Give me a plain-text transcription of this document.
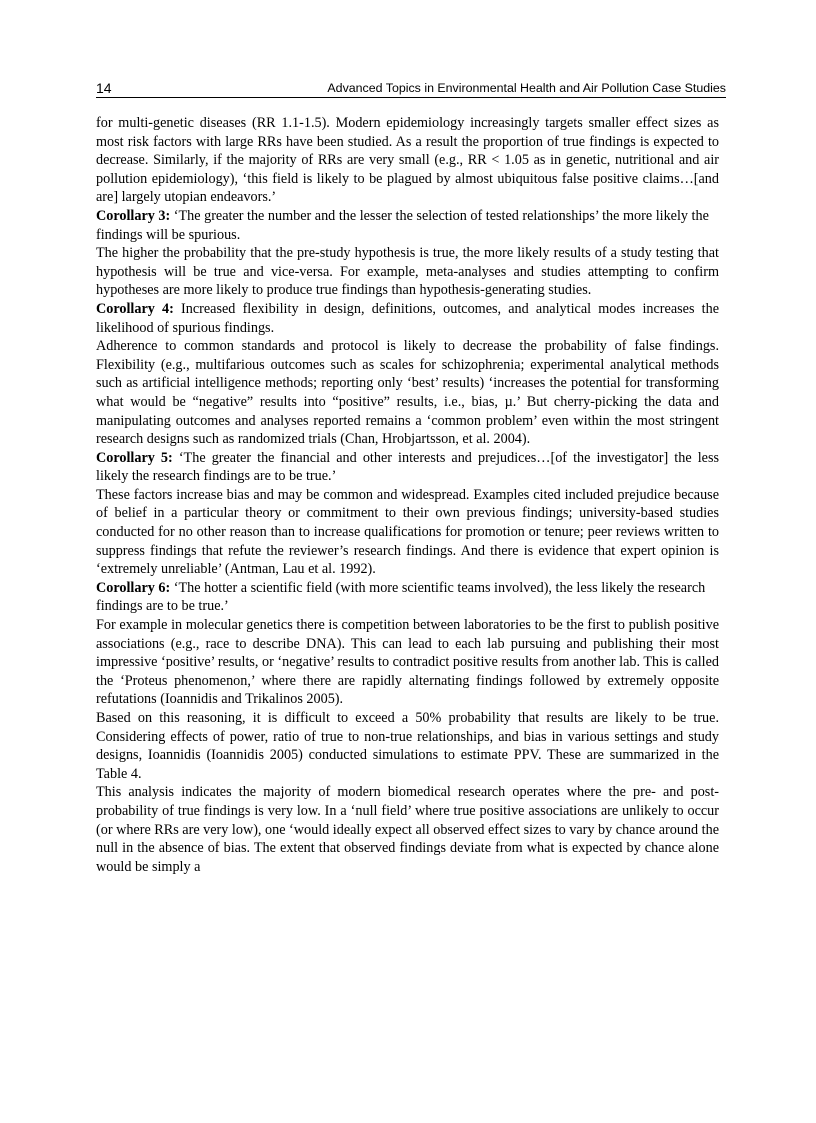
14	Advanced Topics in Environmental Health and Air Pollution Case Studies

for multi-genetic diseases (RR 1.1-1.5). Modern epidemiology increasingly targets smaller effect sizes as most risk factors with large RRs have been studied. As a result the proportion of true findings is expected to decrease. Similarly, if the majority of RRs are very small (e.g., RR < 1.05 as in genetic, nutritional and air pollution epidemiology), ‘this field is likely to be plagued by almost ubiquitous false positive claims…[and are] largely utopian endeavors.’

Corollary 3: ‘The greater the number and the lesser the selection of tested relationships’ the more likely the findings will be spurious.

The higher the probability that the pre-study hypothesis is true, the more likely results of a study testing that hypothesis will be true and vice-versa. For example, meta-analyses and studies attempting to confirm hypotheses are more likely to produce true findings than hypothesis-generating studies.

Corollary 4: Increased flexibility in design, definitions, outcomes, and analytical modes increases the likelihood of spurious findings.

Adherence to common standards and protocol is likely to decrease the probability of false findings. Flexibility (e.g., multifarious outcomes such as scales for schizophrenia; experimental analytical methods such as artificial intelligence methods; reporting only ‘best’ results) ‘increases the potential for transforming what would be “negative” results into “positive” results, i.e., bias, µ.’ But cherry-picking the data and manipulating outcomes and analyses reported remains a ‘common problem’ even within the most stringent research designs such as randomized trials (Chan, Hrobjartsson, et al. 2004).

Corollary 5: ‘The greater the financial and other interests and prejudices…[of the investigator] the less likely the research findings are to be true.’

These factors increase bias and may be common and widespread. Examples cited included prejudice because of belief in a particular theory or commitment to their own previous findings; university-based studies conducted for no other reason than to increase qualifications for promotion or tenure; peer reviews written to suppress findings that refute the reviewer’s research findings. And there is evidence that expert opinion is ‘extremely unreliable’ (Antman, Lau et al. 1992).

Corollary 6: ‘The hotter a scientific field (with more scientific teams involved), the less likely the research findings are to be true.’

For example in molecular genetics there is competition between laboratories to be the first to publish positive associations (e.g., race to describe DNA). This can lead to each lab pursuing and publishing their most impressive ‘positive’ results, or ‘negative’ results to contradict positive results from another lab. This is called the ‘Proteus phenomenon,’ where there are rapidly alternating findings followed by extremely opposite refutations (Ioannidis and Trikalinos 2005).

Based on this reasoning, it is difficult to exceed a 50% probability that results are likely to be true. Considering effects of power, ratio of true to non-true relationships, and bias in various settings and study designs, Ioannidis (Ioannidis 2005) conducted simulations to estimate PPV. These are summarized in the Table 4.

This analysis indicates the majority of modern biomedical research operates where the pre- and post-probability of true findings is very low. In a ‘null field’ where true positive associations are unlikely to occur (or where RRs are very low), one ‘would ideally expect all observed effect sizes to vary by chance around the null in the absence of bias. The extent that observed findings deviate from what is expected by chance alone would be simply a
